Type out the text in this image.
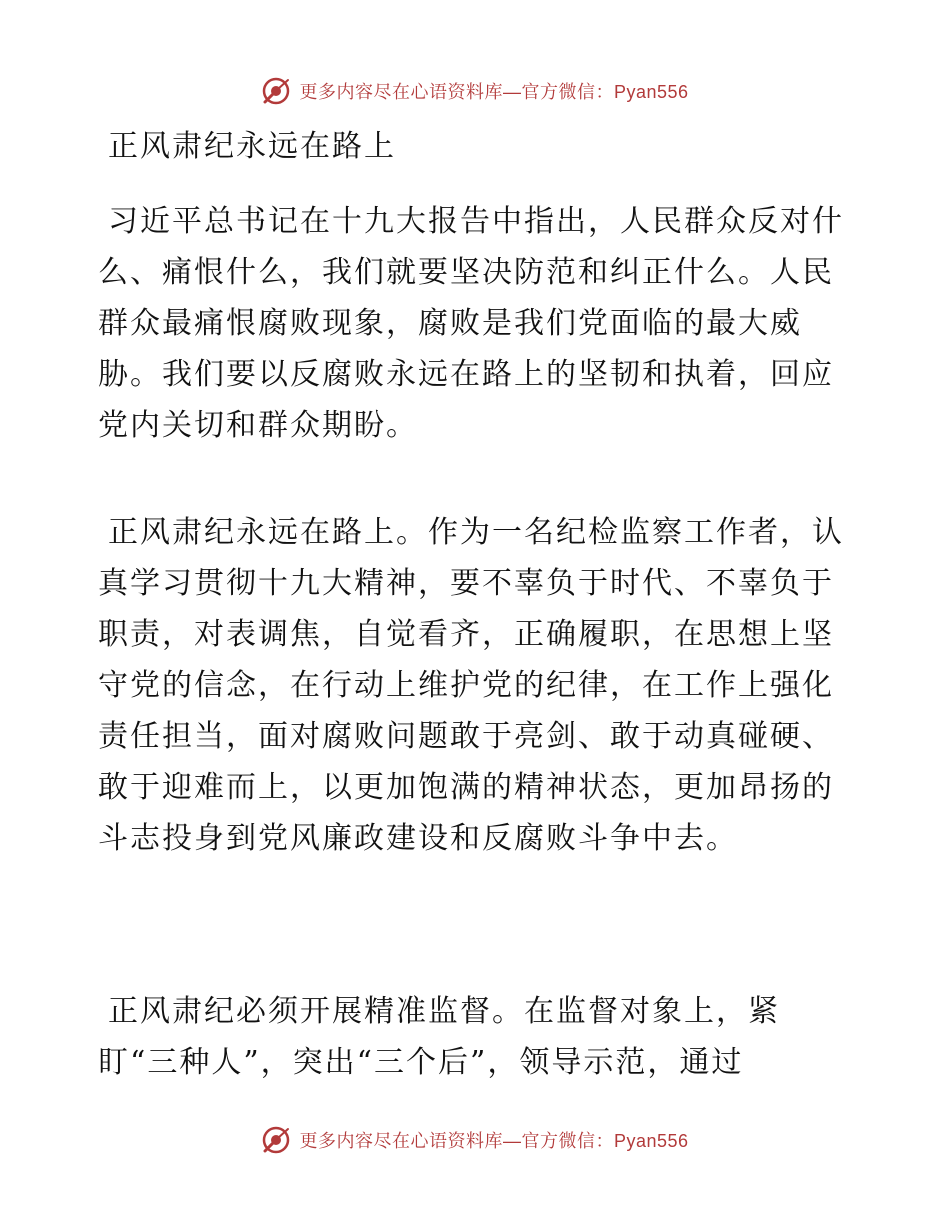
更多内容尽在心语资料库—官方微信：Pyan556
正风肃纪永远在路上

习近平总书记在十九大报告中指出，人民群众反对什么、痛恨什么，我们就要坚决防范和纠正什么。人民群众最痛恨腐败现象，腐败是我们党面临的最大威胁。我们要以反腐败永远在路上的坚韧和执着，回应党内关切和群众期盼。

正风肃纪永远在路上。作为一名纪检监察工作者，认真学习贯彻十九大精神，要不辜负于时代、不辜负于职责，对表调焦，自觉看齐，正确履职，在思想上坚守党的信念，在行动上维护党的纪律，在工作上强化责任担当，面对腐败问题敢于亮剑、敢于动真碰硬、敢于迎难而上，以更加饱满的精神状态，更加昂扬的斗志投身到党风廉政建设和反腐败斗争中去。

正风肃纪必须开展精准监督。在监督对象上，紧盯“三种人”，突出“三个后”，领导示范，通过

更多内容尽在心语资料库—官方微信：Pyan556
